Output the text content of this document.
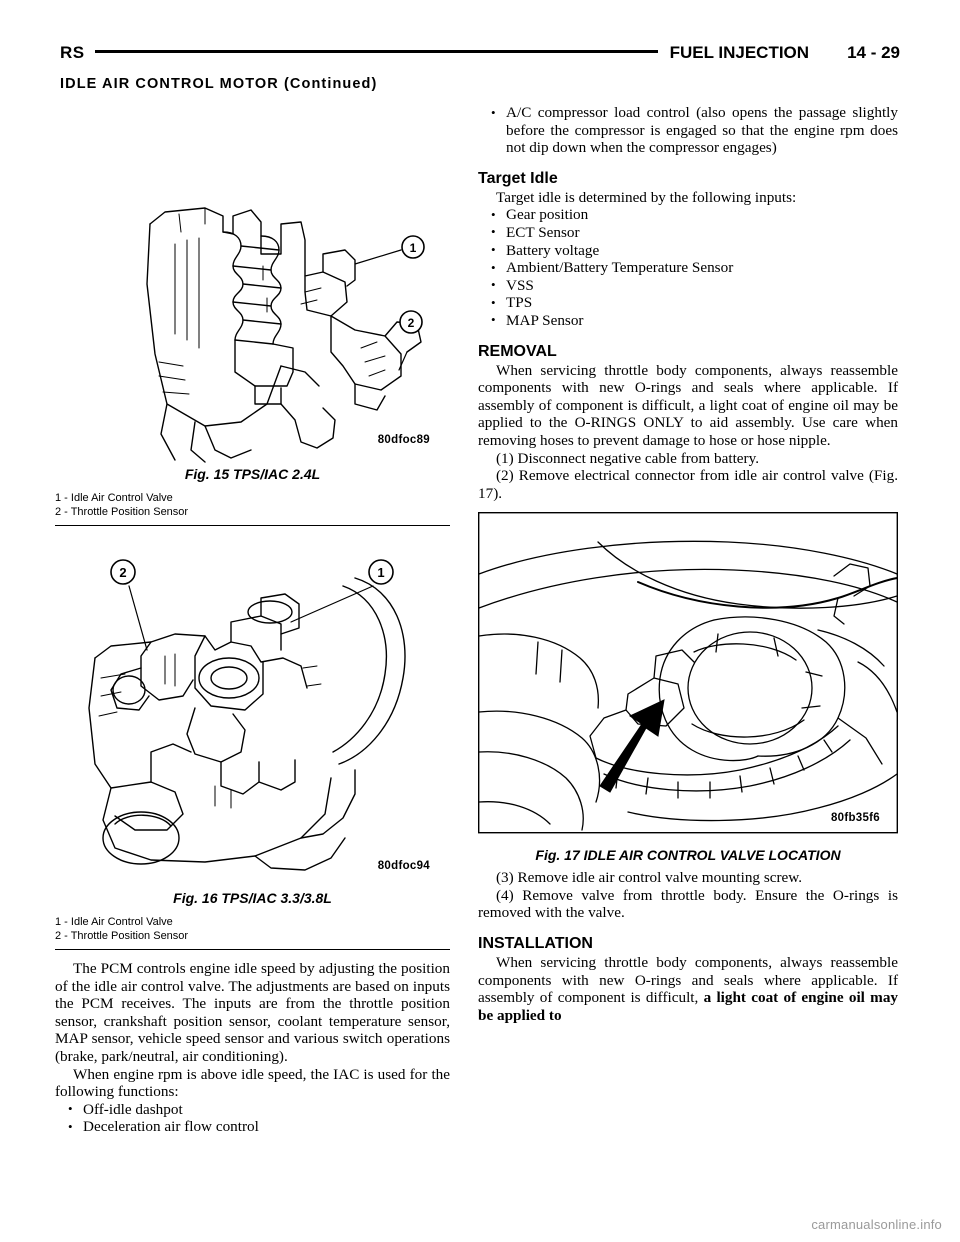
RS	FUEL INJECTION 14 - 29
IDLE AIR CONTROL MOTOR (Continued)
1
2
80dfoc89
Fig. 15 TPS/IAC 2.4L
1 - Idle Air Control Valve
2 - Throttle Position Sensor
2	1
80dfoc94
Fig. 16 TPS/IAC 3.3/3.8L
1 - Idle Air Control Valve
2 - Throttle Position Sensor

The PCM controls engine idle speed by adjusting the position of the idle air control valve. The adjustments are based on inputs the PCM receives. The inputs are from the throttle position sensor, crankshaft position sensor, coolant temperature sensor, MAP sensor, vehicle speed sensor and various switch operations (brake, park/neutral, air conditioning).

When engine rpm is above idle speed, the IAC is used for the following functions:

• Off-idle dashpot
• Deceleration air flow control
• A/C compressor load control (also opens the passage slightly before the compressor is engaged so that the engine rpm does not dip down when the compressor engages)
Target Idle

Target idle is determined by the following inputs:

• Gear position
• ECT Sensor
• Battery voltage
• Ambient/Battery Temperature Sensor
• VSS
• TPS
• MAP Sensor
REMOVAL

When servicing throttle body components, always reassemble components with new O-rings and seals where applicable. If assembly of component is difficult, a light coat of engine oil may be applied to the O-RINGS ONLY to aid assembly. Use care when removing hoses to prevent damage to hose or hose nipple.

(1) Disconnect negative cable from battery.

(2) Remove electrical connector from idle air control valve (Fig. 17).

80fb35f6
Fig. 17 IDLE AIR CONTROL VALVE LOCATION

(3) Remove idle air control valve mounting screw.

(4) Remove valve from throttle body. Ensure the O-rings is removed with the valve.

INSTALLATION

When servicing throttle body components, always reassemble components with new O-rings and seals where applicable. If assembly of component is difficult, a light coat of engine oil may be applied to

carmanualsonline.info
